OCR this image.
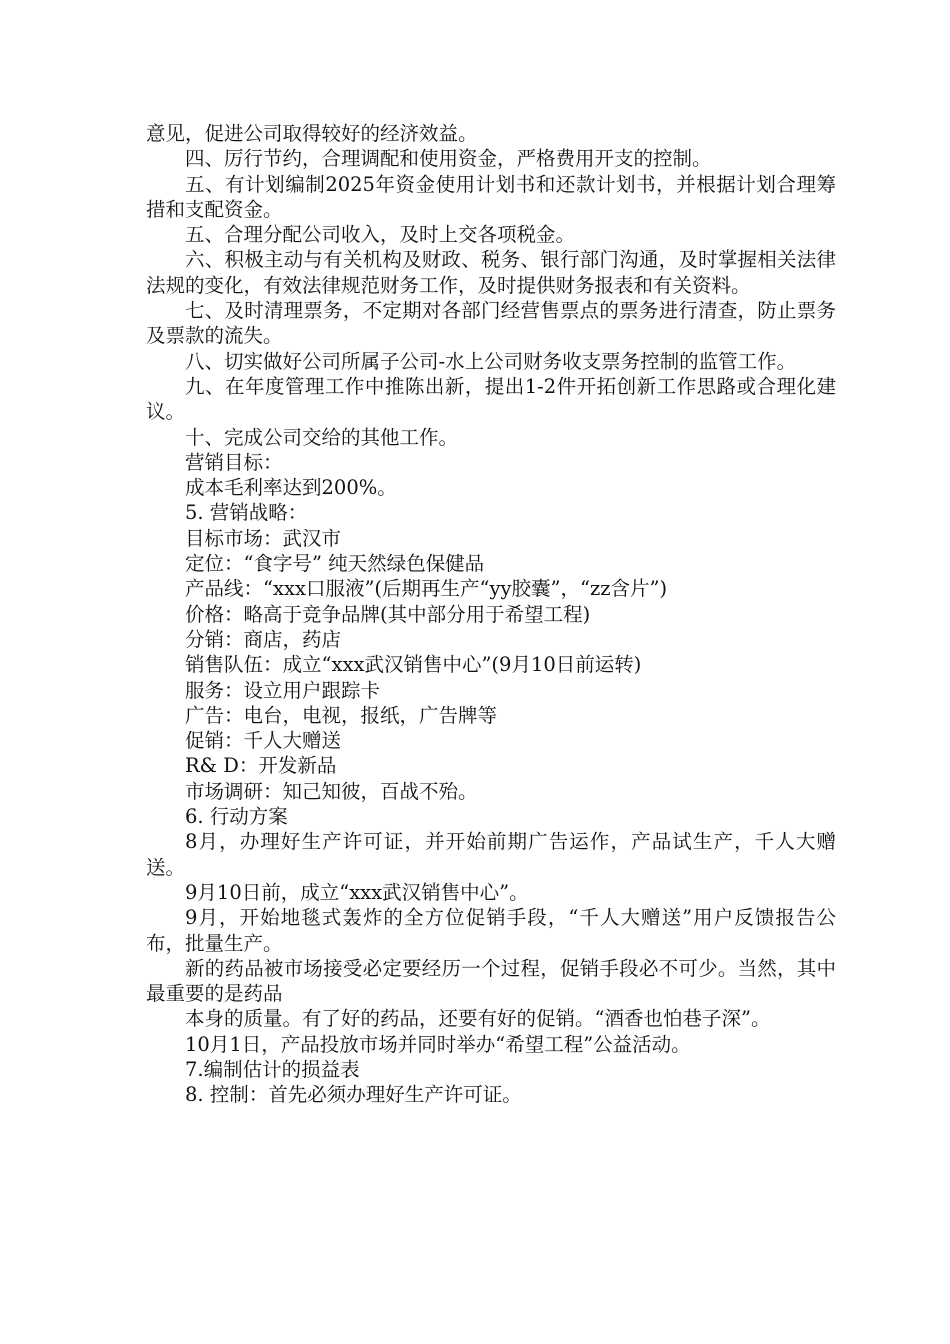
意见，促进公司取得较好的经济效益。

四、厉行节约，合理调配和使用资金，严格费用开支的控制。

五、有计划编制2025年资金使用计划书和还款计划书，并根据计划合理筹措和支配资金。

五、合理分配公司收入，及时上交各项税金。

六、积极主动与有关机构及财政、税务、银行部门沟通，及时掌握相关法律法规的变化，有效法律规范财务工作，及时提供财务报表和有关资料。

七、及时清理票务，不定期对各部门经营售票点的票务进行清查，防止票务及票款的流失。

八、切实做好公司所属子公司-水上公司财务收支票务控制的监管工作。

九、在年度管理工作中推陈出新，提出1-2件开拓创新工作思路或合理化建议。

十、完成公司交给的其他工作。

营销目标：

成本毛利率达到200%。

5. 营销战略：

目标市场：武汉市

定位：“食字号” 纯天然绿色保健品

产品线：“xxx口服液”(后期再生产“yy胶囊”，“zz含片”)

价格：略高于竞争品牌(其中部分用于希望工程)

分销：商店，药店

销售队伍：成立“xxx武汉销售中心”(9月10日前运转)

服务：设立用户跟踪卡

广告：电台，电视，报纸，广告牌等

促销：千人大赠送

R& D：开发新品

市场调研：知己知彼，百战不殆。

6. 行动方案

8月，办理好生产许可证，并开始前期广告运作，产品试生产，千人大赠送。

9月10日前，成立“xxx武汉销售中心”。

9月，开始地毯式轰炸的全方位促销手段，“千人大赠送”用户反馈报告公布，批量生产。

新的药品被市场接受必定要经历一个过程，促销手段必不可少。当然，其中最重要的是药品

本身的质量。有了好的药品，还要有好的促销。“酒香也怕巷子深”。

10月1日，产品投放市场并同时举办“希望工程”公益活动。

7.编制估计的损益表

8. 控制：首先必须办理好生产许可证。
